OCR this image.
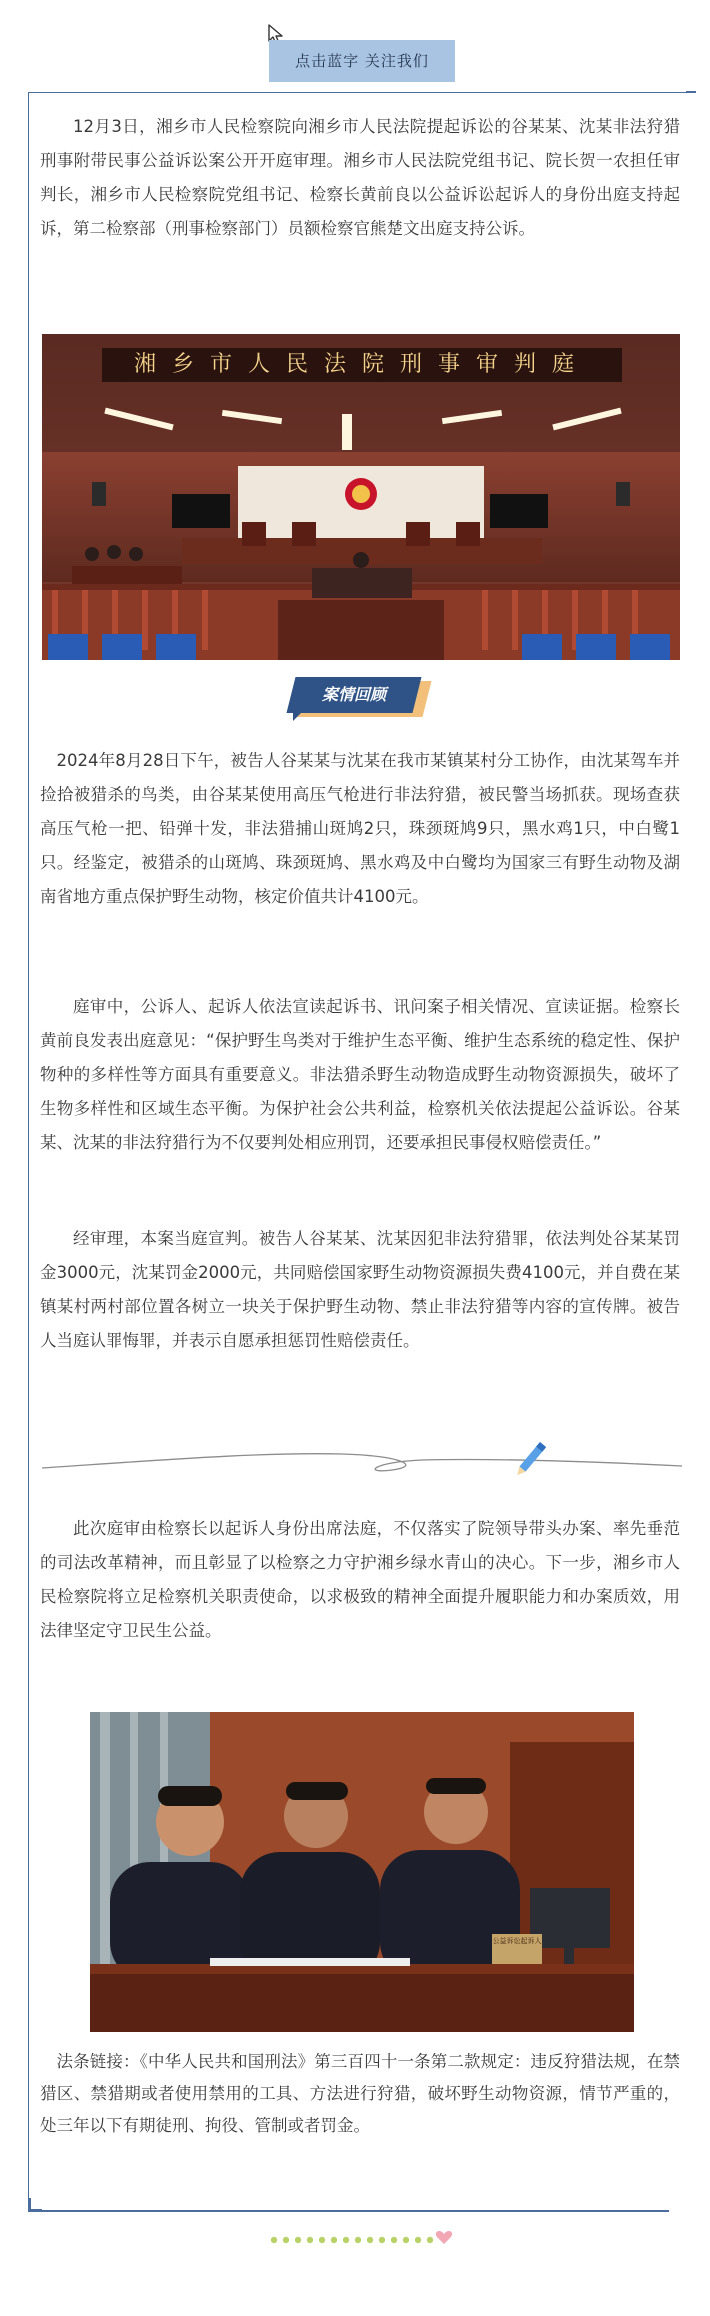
点击蓝字 关注我们

12月3日，湘乡市人民检察院向湘乡市人民法院提起诉讼的谷某某、沈某非法狩猎刑事附带民事公益诉讼案公开开庭审理。湘乡市人民法院党组书记、院长贺一农担任审判长，湘乡市人民检察院党组书记、检察长黄前良以公益诉讼起诉人的身份出庭支持起诉，第二检察部（刑事检察部门）员额检察官熊楚文出庭支持公诉。

湘乡市人民法院刑事审判庭
案情回顾

2024年8月28日下午，被告人谷某某与沈某在我市某镇某村分工协作，由沈某驾车并捡拾被猎杀的鸟类，由谷某某使用高压气枪进行非法狩猎，被民警当场抓获。现场查获高压气枪一把、铅弹十发，非法猎捕山斑鸠2只，珠颈斑鸠9只，黑水鸡1只，中白鹭1只。经鉴定，被猎杀的山斑鸠、珠颈斑鸠、黑水鸡及中白鹭均为国家三有野生动物及湖南省地方重点保护野生动物，核定价值共计4100元。

庭审中，公诉人、起诉人依法宣读起诉书、讯问案子相关情况、宣读证据。检察长黄前良发表出庭意见：“保护野生鸟类对于维护生态平衡、维护生态系统的稳定性、保护物种的多样性等方面具有重要意义。非法猎杀野生动物造成野生动物资源损失，破坏了生物多样性和区域生态平衡。为保护社会公共利益，检察机关依法提起公益诉讼。谷某某、沈某的非法狩猎行为不仅要判处相应刑罚，还要承担民事侵权赔偿责任。”

经审理，本案当庭宣判。被告人谷某某、沈某因犯非法狩猎罪，依法判处谷某某罚金3000元，沈某罚金2000元，共同赔偿国家野生动物资源损失费4100元，并自费在某镇某村两村部位置各树立一块关于保护野生动物、禁止非法狩猎等内容的宣传牌。被告人当庭认罪悔罪，并表示自愿承担惩罚性赔偿责任。

此次庭审由检察长以起诉人身份出席法庭，不仅落实了院领导带头办案、率先垂范的司法改革精神，而且彰显了以检察之力守护湘乡绿水青山的决心。下一步，湘乡市人民检察院将立足检察机关职责使命，以求极致的精神全面提升履职能力和办案质效，用法律坚定守卫民生公益。

公益诉讼起诉人

法条链接：《中华人民共和国刑法》第三百四十一条第二款规定：违反狩猎法规，在禁猎区、禁猎期或者使用禁用的工具、方法进行狩猎，破坏野生动物资源，情节严重的，处三年以下有期徒刑、拘役、管制或者罚金。
